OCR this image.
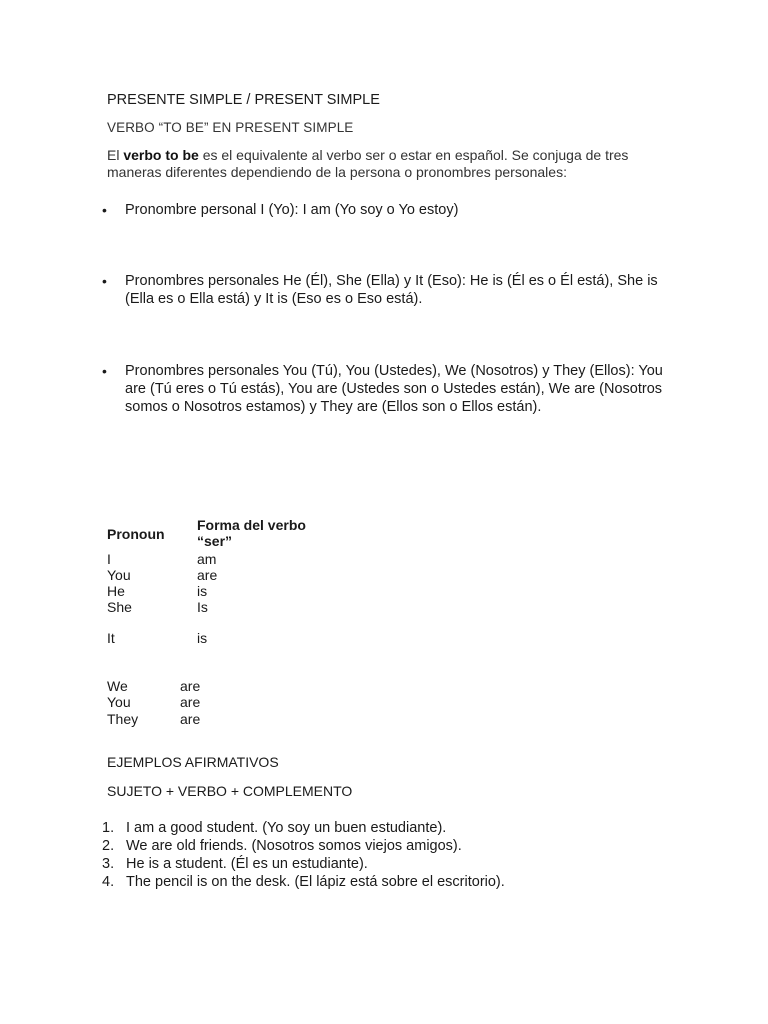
PRESENTE SIMPLE / PRESENT SIMPLE
VERBO “TO BE” EN PRESENT SIMPLE
El verbo to be es el equivalente al verbo ser o estar en español. Se conjuga de tres maneras diferentes dependiendo de la persona o pronombres personales:
• Pronombre personal I (Yo): I am (Yo soy o Yo estoy)
• Pronombres personales He (Él), She (Ella) y It (Eso): He is (Él es o Él está), She is (Ella es o Ella está) y It is (Eso es o Eso está).
• Pronombres personales You (Tú), You (Ustedes), We (Nosotros) y They (Ellos): You are (Tú eres o Tú estás), You are (Ustedes son o Ustedes están), We are (Nosotros somos o Nosotros estamos) y They are (Ellos son o Ellos están).
Pronoun
Forma del verbo “ser”
I	am
You	are
He	is
She	Is
It	is
We	are
You	are
They	are
EJEMPLOS AFIRMATIVOS
SUJETO + VERBO + COMPLEMENTO
1. I am a good student. (Yo soy un buen estudiante).
2. We are old friends. (Nosotros somos viejos amigos).
3. He is a student. (Él es un estudiante).
4. The pencil is on the desk. (El lápiz está sobre el escritorio).
